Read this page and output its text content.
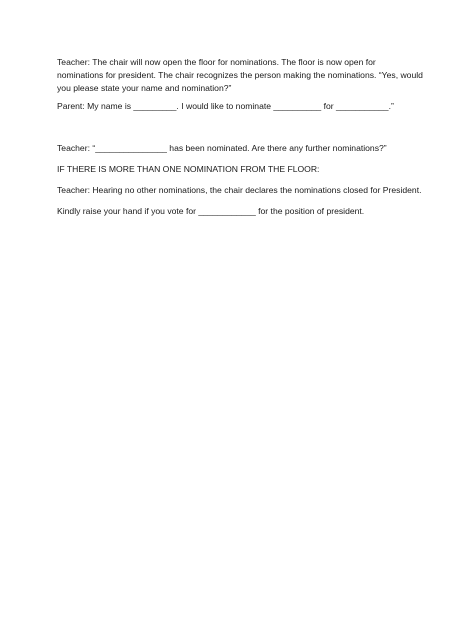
Teacher: The chair will now open the floor for nominations. The floor is now open for nominations for president. The chair recognizes the person making the nominations. “Yes, would you please state your name and nomination?”

Parent: My name is _________. I would like to nominate __________ for ___________.”

Teacher: “_______________ has been nominated. Are there any further nominations?”

IF THERE IS MORE THAN ONE NOMINATION FROM THE FLOOR:

Teacher: Hearing no other nominations, the chair declares the nominations closed for President.

Kindly raise your hand if you vote for ____________ for the position of president.
